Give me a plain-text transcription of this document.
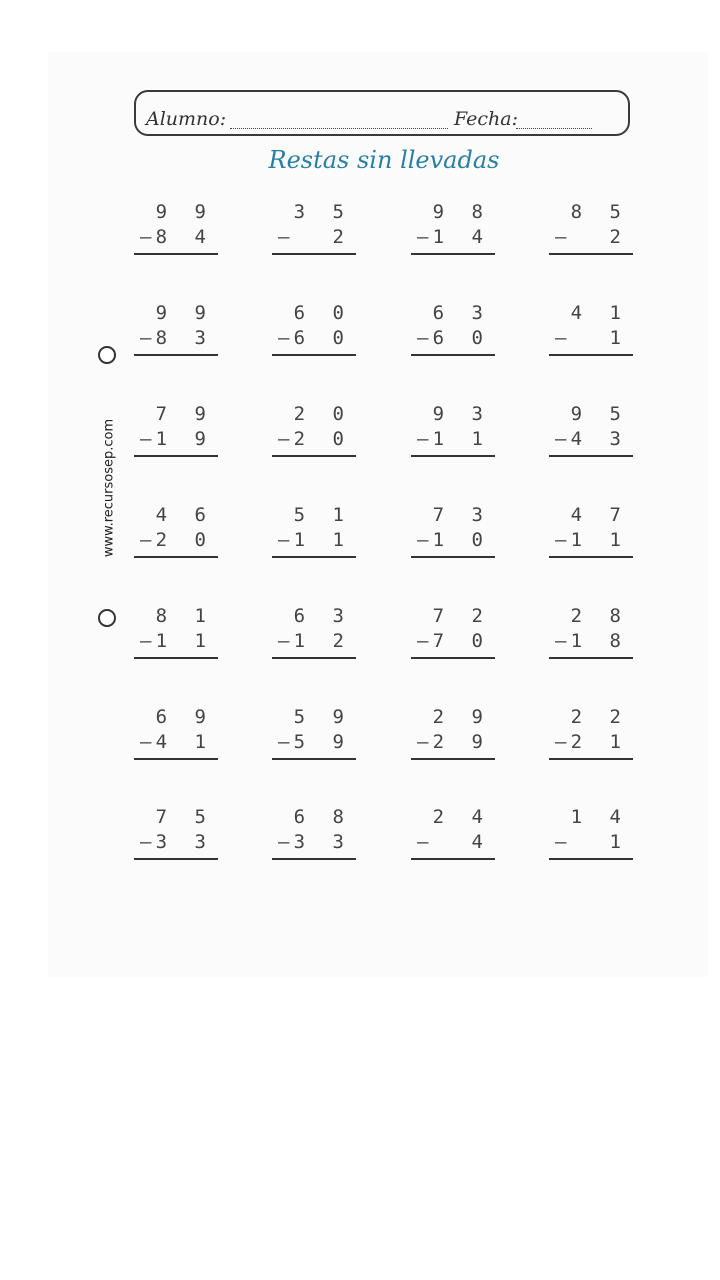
Alumno:	Fecha:
Restas sin llevadas
www.recursosep.com
9 9
– 8 4
3 5
– 2
9 8
– 1 4
8 5
– 2
9 9
– 8 3
6 0
– 6 0
6 3
– 6 0
4 1
– 1
7 9
– 1 9
2 0
– 2 0
9 3
– 1 1
9 5
– 4 3
4 6
– 2 0
5 1
– 1 1
7 3
– 1 0
4 7
– 1 1
8 1
– 1 1
6 3
– 1 2
7 2
– 7 0
2 8
– 1 8
6 9
– 4 1
5 9
– 5 9
2 9
– 2 9
2 2
– 2 1
7 5
– 3 3
6 8
– 3 3
2 4
– 4
1 4
– 1
